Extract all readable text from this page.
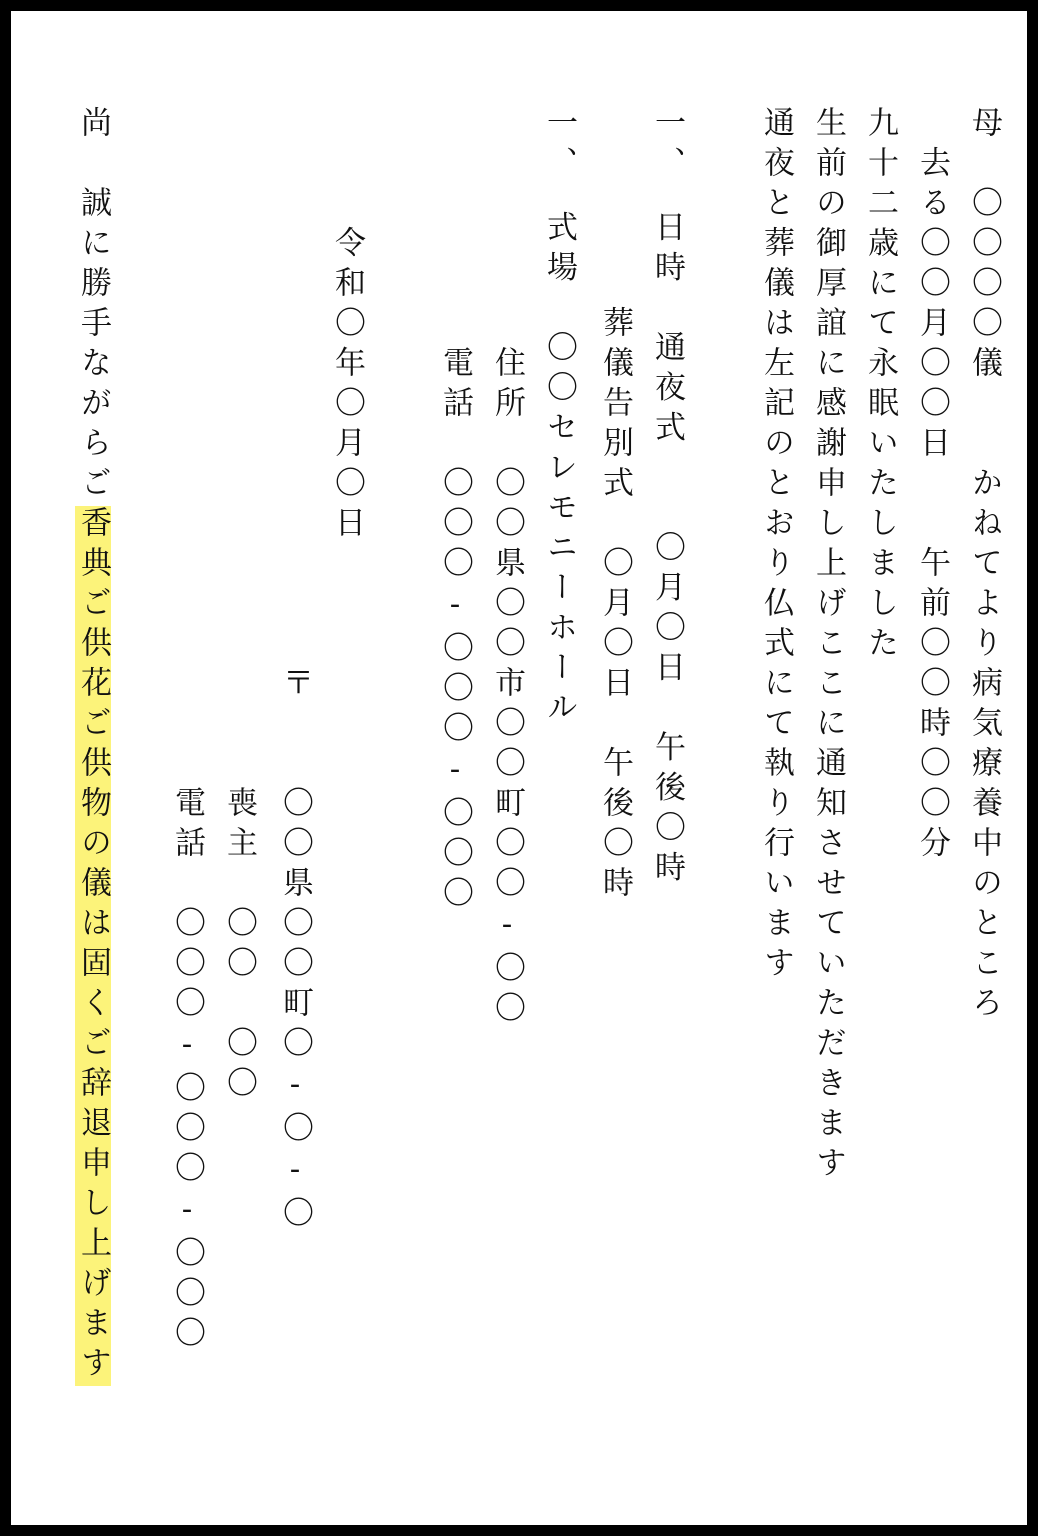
母　〇〇〇〇儀　　かねてより病気療養中のところ
去る〇〇月〇〇日　　午前〇〇時〇〇分
九十二歳にて永眠いたしました
生前の御厚誼に感謝申し上げここに通知させていただきます
通夜と葬儀は左記のとおり仏式にて執り行います
一、　日時　通夜式　　〇月〇日　午後〇時
葬儀告別式　〇月〇日　午後〇時
一、　式場　〇〇セレモニーホール
住所　〇〇県〇〇市〇〇町〇〇-〇〇
電話　〇〇〇-〇〇〇-〇〇〇
令和〇年〇月〇日
〒
〇〇県〇〇町〇-〇-〇
喪主　〇〇　〇〇
電話　〇〇〇-〇〇〇-〇〇〇
尚　誠に勝手ながらご香典ご供花ご供物の儀は固くご辞退申し上げます
